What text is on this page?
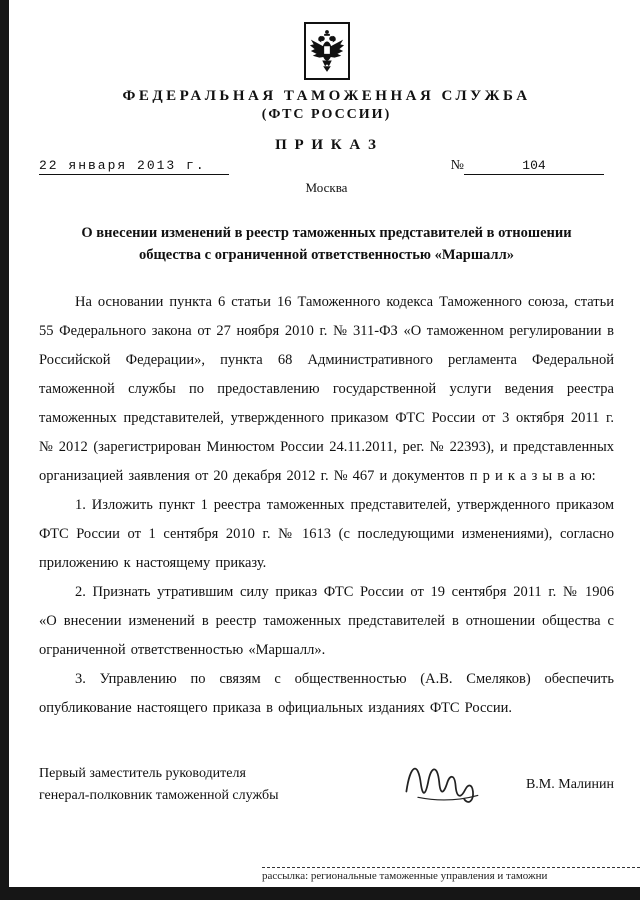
ФЕДЕРАЛЬНАЯ ТАМОЖЕННАЯ СЛУЖБА
(ФТС РОССИИ)
П Р И К А З
22 января 2013 г.	№	104
Москва
О внесении изменений в реестр таможенных представителей в отношении общества с ограниченной ответственностью «Маршалл»

На основании пункта 6 статьи 16 Таможенного кодекса Таможенного союза, статьи 55 Федерального закона от 27 ноября 2010 г. № 311-ФЗ «О таможенном регулировании в Российской Федерации», пункта 68 Административного регламента Федеральной таможенной службы по предоставлению государственной услуги ведения реестра таможенных представителей, утвержденного приказом ФТС России от 3 октября 2011 г. № 2012 (зарегистрирован Минюстом России 24.11.2011, рег. № 22393), и представленных организацией заявления от 20 декабря 2012 г. № 467 и документов п р и к а з ы в а ю:

1. Изложить пункт 1 реестра таможенных представителей, утвержденного приказом ФТС России от 1 сентября 2010 г. № 1613 (с последующими изменениями), согласно приложению к настоящему приказу.

2. Признать утратившим силу приказ ФТС России от 19 сентября 2011 г. № 1906 «О внесении изменений в реестр таможенных представителей в отношении общества с ограниченной ответственностью «Маршалл».

3. Управлению по связям с общественностью (А.В. Смеляков) обеспечить опубликование настоящего приказа в официальных изданиях ФТС России.

Первый заместитель руководителя
генерал-полковник таможенной службы
В.М. Малинин
рассылка: региональные таможенные управления и таможни
